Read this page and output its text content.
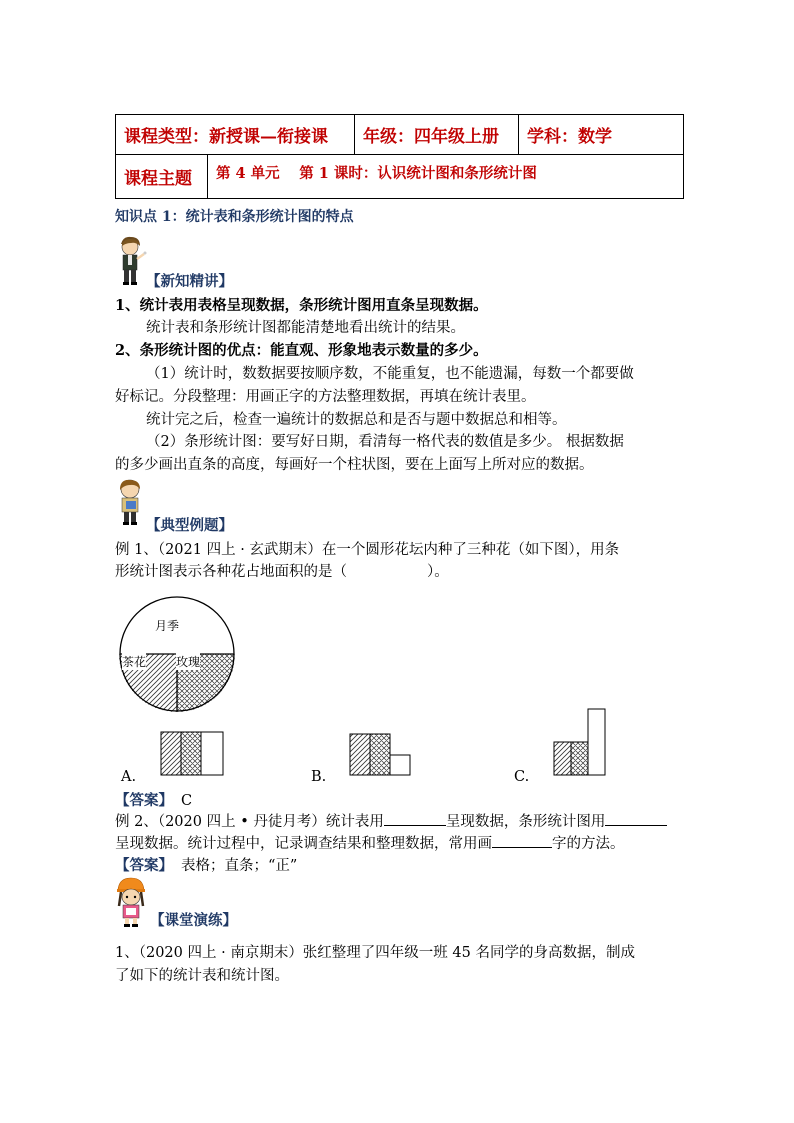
课程类型：新授课—衔接课		年级：四年级上册	学科：数学
课程主题	第 4 单元　 第 1 课时：认识统计图和条形统计图		
知识点 1：统计表和条形统计图的特点
【新知精讲】
1、统计表用表格呈现数据，条形统计图用直条呈现数据。
统计表和条形统计图都能清楚地看出统计的结果。
2、条形统计图的优点：能直观、形象地表示数量的多少。
（1）统计时，数数据要按顺序数，不能重复，也不能遗漏，每数一个都要做
好标记。分段整理：用画正字的方法整理数据，再填在统计表里。
统计完之后，检查一遍统计的数据总和是否与题中数据总和相等。
（2）条形统计图：要写好日期，看清每一格代表的数值是多少。 根据数据
的多少画出直条的高度，每画好一个柱状图，要在上面写上所对应的数据。
【典型例题】
例 1、（2021 四上 · 玄武期末）在一个圆形花坛内种了三种花（如下图），用条
形统计图表示各种花占地面积的是（	）。
月季
茶花 玫瑰
A.	B.	C.
【答案】 C
例 2、（2020 四上 • 丹徒月考）统计表用	呈现数据，条形统计图用
呈现数据。统计过程中，记录调查结果和整理数据，常用画	字的方法。
【答案】 表格；直条；“正”
【课堂演练】
1、（2020 四上 · 南京期末）张红整理了四年级一班 45 名同学的身高数据，制成
了如下的统计表和统计图。
